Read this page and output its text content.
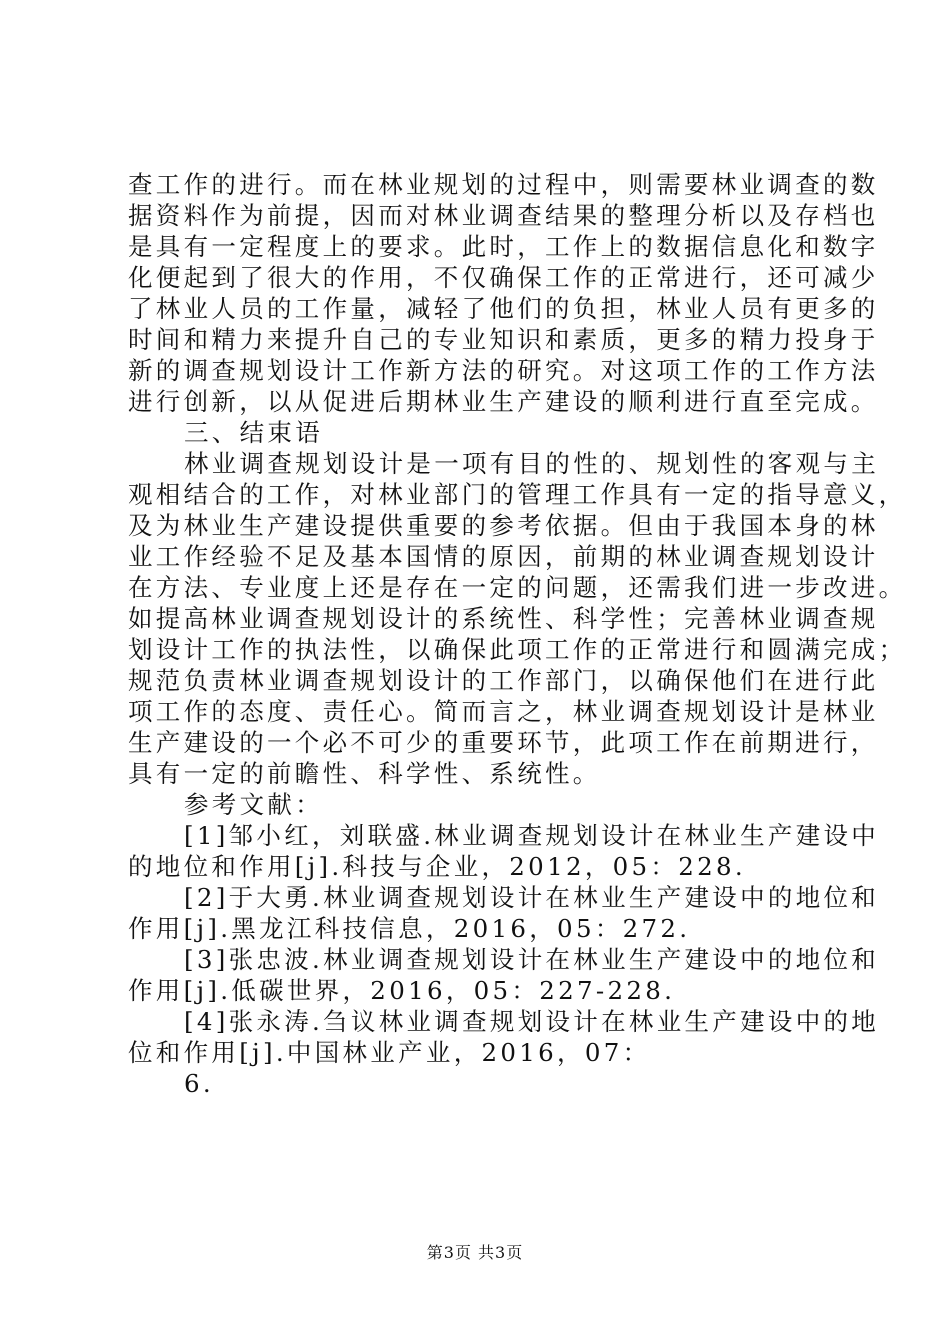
查工作的进行。而在林业规划的过程中，则需要林业调查的数
据资料作为前提，因而对林业调查结果的整理分析以及存档也
是具有一定程度上的要求。此时，工作上的数据信息化和数字
化便起到了很大的作用，不仅确保工作的正常进行，还可减少
了林业人员的工作量，减轻了他们的负担，林业人员有更多的
时间和精力来提升自己的专业知识和素质，更多的精力投身于
新的调查规划设计工作新方法的研究。对这项工作的工作方法
进行创新，以从促进后期林业生产建设的顺利进行直至完成。
三、结束语
林业调查规划设计是一项有目的性的、规划性的客观与主
观相结合的工作，对林业部门的管理工作具有一定的指导意义，
及为林业生产建设提供重要的参考依据。但由于我国本身的林
业工作经验不足及基本国情的原因，前期的林业调查规划设计
在方法、专业度上还是存在一定的问题，还需我们进一步改进。
如提高林业调查规划设计的系统性、科学性；完善林业调查规
划设计工作的执法性，以确保此项工作的正常进行和圆满完成；
规范负责林业调查规划设计的工作部门，以确保他们在进行此
项工作的态度、责任心。简而言之，林业调查规划设计是林业
生产建设的一个必不可少的重要环节，此项工作在前期进行，
具有一定的前瞻性、科学性、系统性。
参考文献：
[1]邹小红，刘联盛.林业调查规划设计在林业生产建设中
的地位和作用[j].科技与企业，2012，05：228.
[2]于大勇.林业调查规划设计在林业生产建设中的地位和
作用[j].黑龙江科技信息，2016，05：272.
[3]张忠波.林业调查规划设计在林业生产建设中的地位和
作用[j].低碳世界，2016，05：227-228.
[4]张永涛.刍议林业调查规划设计在林业生产建设中的地
位和作用[j].中国林业产业，2016，07：
6.
第3页 共3页
